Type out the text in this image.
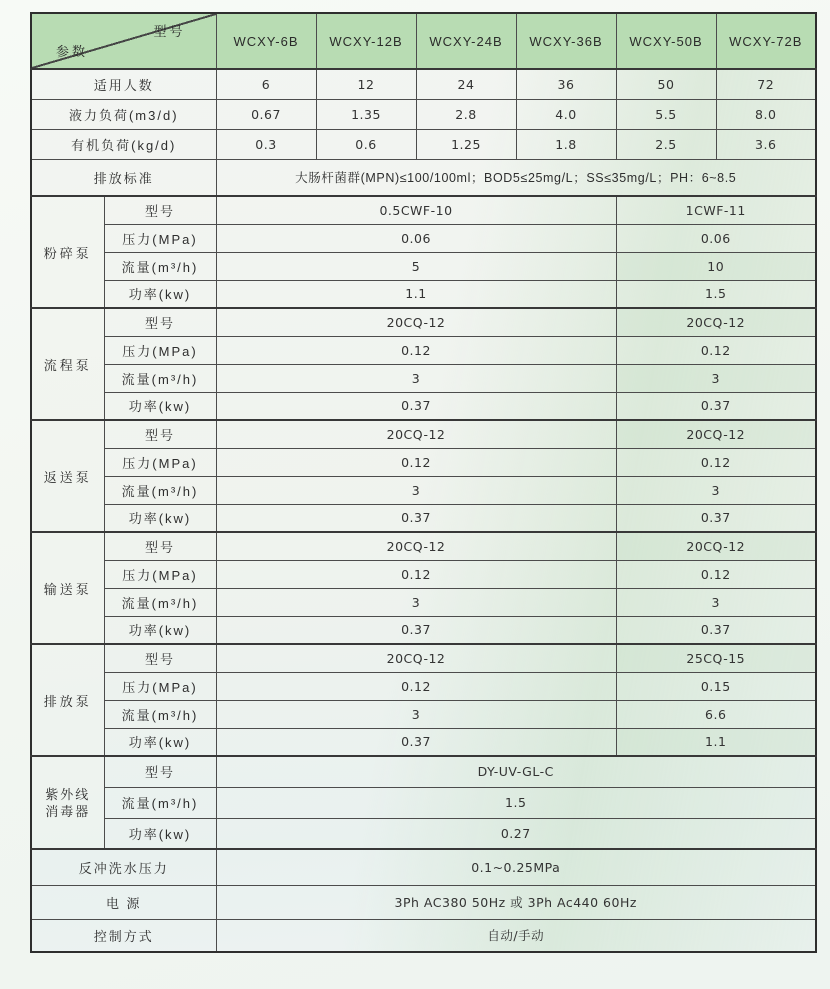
型号
参数		WCXY-6B	WCXY-12B	WCXY-24B	WCXY-36B	WCXY-50B	WCXY-72B
适用人数		6	12	24	36	50	72
液力负荷(m3/d)		0.67	1.35	2.8	4.0	5.5	8.0
有机负荷(kg/d)		0.3	0.6	1.25	1.8	2.5	3.6
排放标准		大肠杆菌群(MPN)≤100/100ml；BOD5≤25mg/L；SS≤35mg/L；PH：6~8.5					
粉碎泵	型号	0.5CWF-10				1CWF-11	
	压力(MPa)	0.06				0.06	
	流量(m³/h)	5				10	
	功率(kw)	1.1				1.5	
流程泵	型号	20CQ-12				20CQ-12	
	压力(MPa)	0.12				0.12	
	流量(m³/h)	3				3	
	功率(kw)	0.37				0.37	
返送泵	型号	20CQ-12				20CQ-12	
	压力(MPa)	0.12				0.12	
	流量(m³/h)	3				3	
	功率(kw)	0.37				0.37	
输送泵	型号	20CQ-12				20CQ-12	
	压力(MPa)	0.12				0.12	
	流量(m³/h)	3				3	
	功率(kw)	0.37				0.37	
排放泵	型号	20CQ-12				25CQ-15	
	压力(MPa)	0.12				0.15	
	流量(m³/h)	3				6.6	
	功率(kw)	0.37				1.1	

紫外线
消毒器	型号	DY-UV-GL-C					
	流量(m³/h)	1.5					
	功率(kw)	0.27					
反冲洗水压力		0.1~0.25MPa					
电 源		3Ph AC380 50Hz 或 3Ph Ac440 60Hz					
控制方式		自动/手动					
